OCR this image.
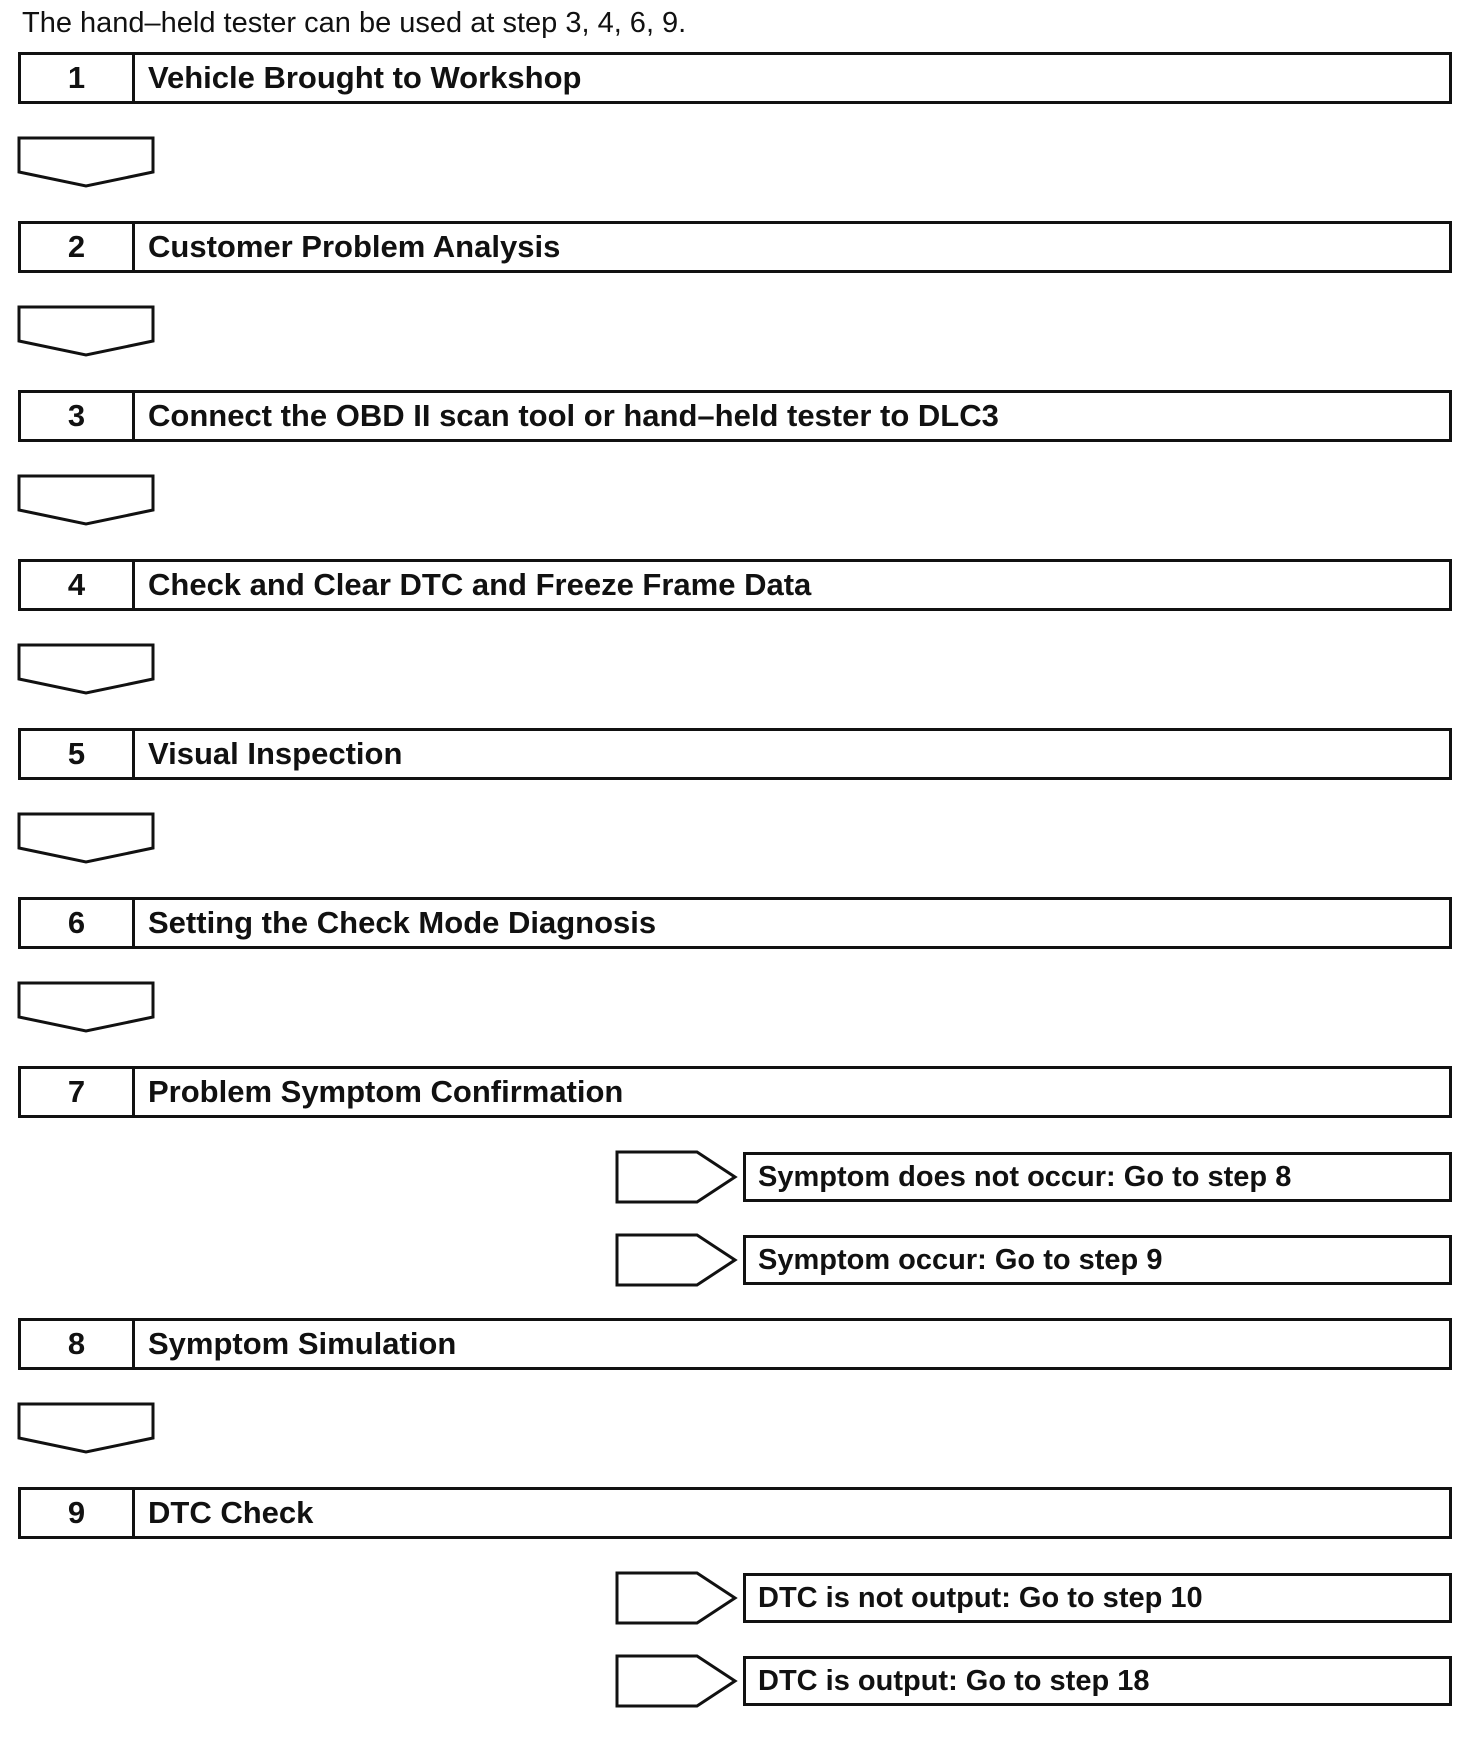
The hand–held tester can be used at step 3, 4, 6, 9.
1	Vehicle Brought to Workshop
2	Customer Problem Analysis
3	Connect the OBD II scan tool or hand–held tester to DLC3
4	Check and Clear DTC and Freeze Frame Data
5	Visual Inspection
6	Setting the Check Mode Diagnosis
7	Problem Symptom Confirmation
Symptom does not occur: Go to step 8
Symptom occur: Go to step 9
8	Symptom Simulation
9	DTC Check
DTC is not output: Go to step 10
DTC is output: Go to step 18
